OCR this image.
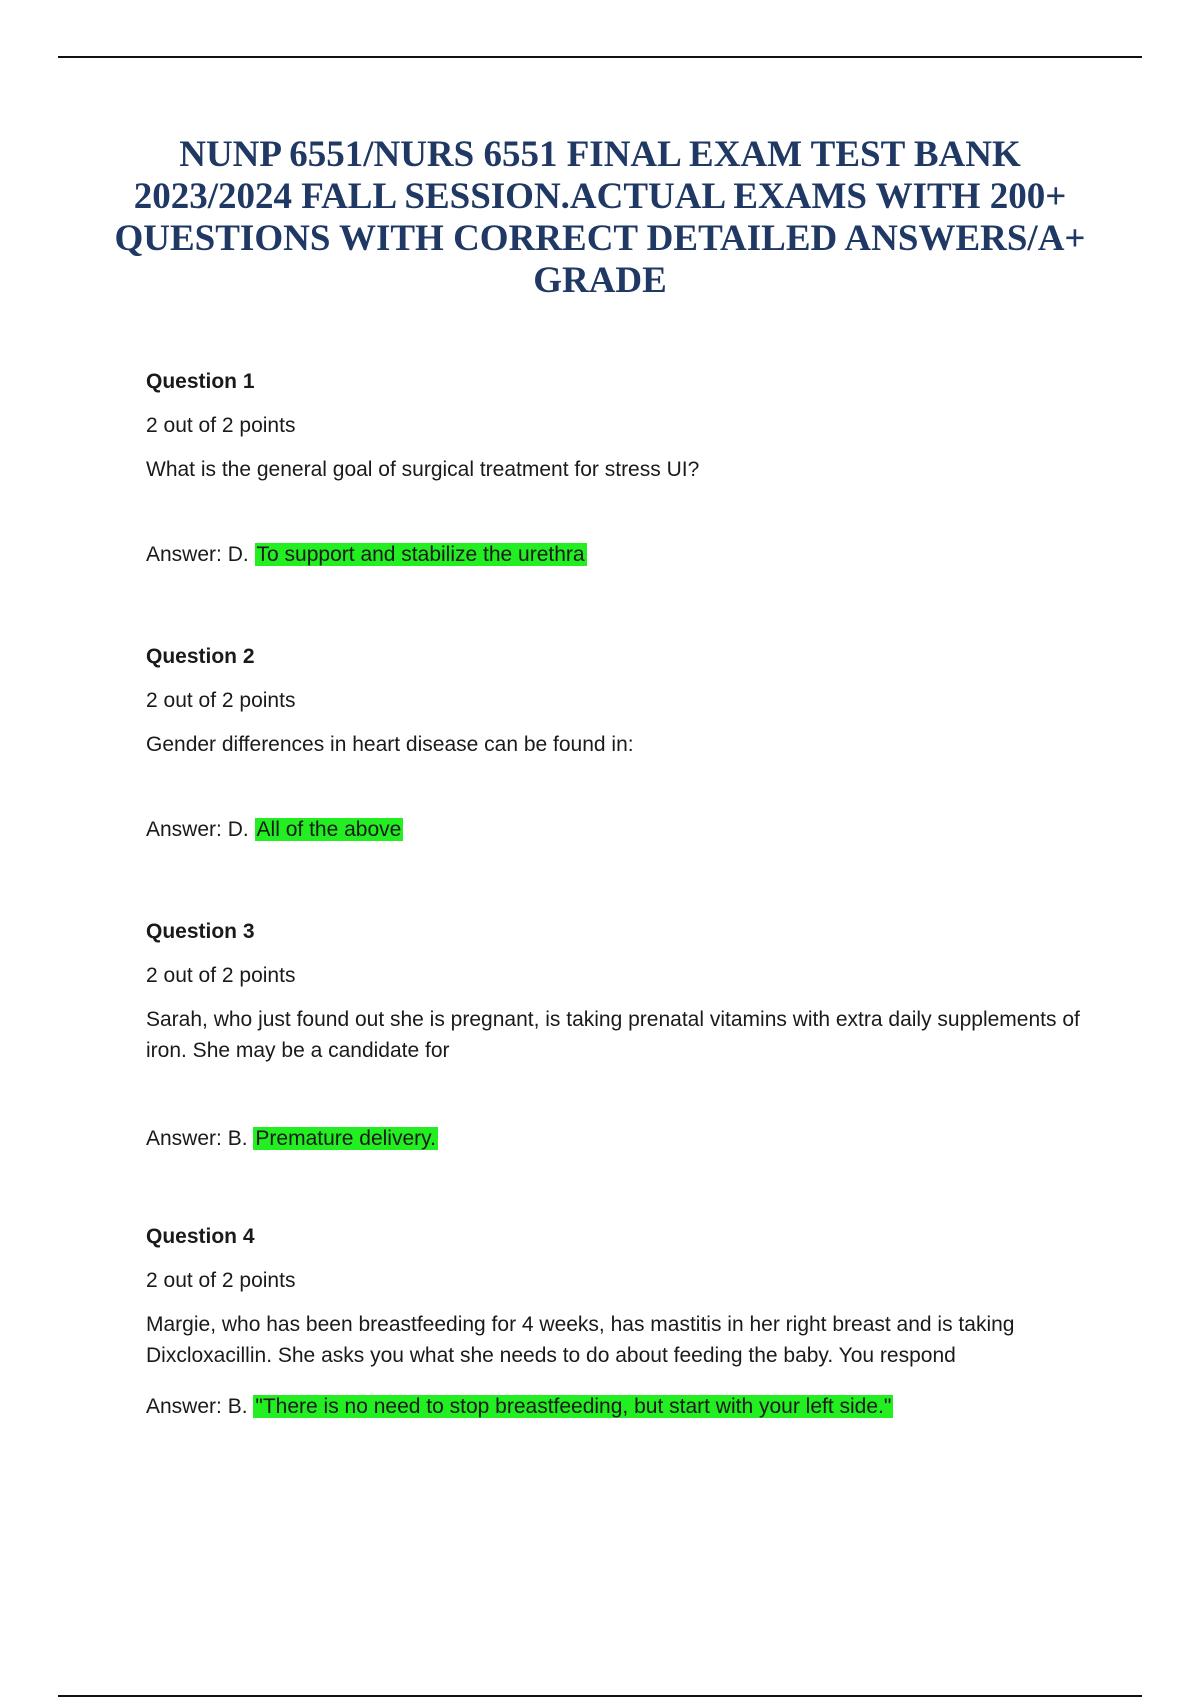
NUNP 6551/NURS 6551 FINAL EXAM TEST BANK 2023/2024 FALL SESSION.ACTUAL EXAMS WITH 200+ QUESTIONS WITH CORRECT DETAILED ANSWERS/A+ GRADE
Question 1
2 out of 2 points
What is the general goal of surgical treatment for stress UI?
Answer: D. To support and stabilize the urethra
Question 2
2 out of 2 points
Gender differences in heart disease can be found in:
Answer: D. All of the above
Question 3
2 out of 2 points
Sarah, who just found out she is pregnant, is taking prenatal vitamins with extra daily supplements of iron. She may be a candidate for
Answer: B. Premature delivery.
Question 4
2 out of 2 points
Margie, who has been breastfeeding for 4 weeks, has mastitis in her right breast and is taking Dixcloxacillin. She asks you what she needs to do about feeding the baby. You respond
Answer: B. "There is no need to stop breastfeeding, but start with your left side."
